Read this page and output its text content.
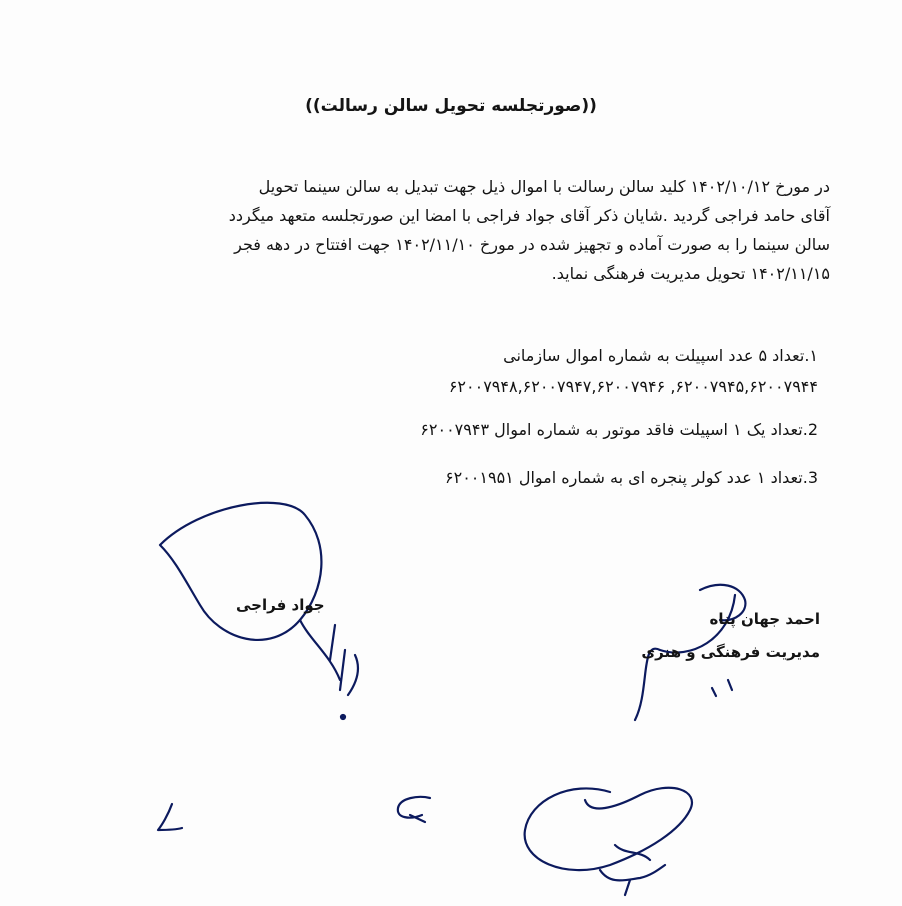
((صورتجلسه تحویل سالن رسالت))
در مورخ ۱۴۰۲/۱۰/۱۲ کلید سالن رسالت با اموال ذیل جهت تبدیل به سالن سینما تحویل
آقای حامد فراجی گردید .شایان ذکر آقای جواد فراجی با امضا این صورتجلسه متعهد میگردد
سالن سینما را به صورت آماده و تجهیز شده در مورخ ۱۴۰۲/۱۱/۱۰ جهت افتتاح در دهه فجر
۱۴۰۲/۱۱/۱۵ تحویل مدیریت فرهنگی نماید.
۱.تعداد ۵ عدد اسپیلت به شماره اموال سازمانی
۶۲۰۰۷۹۴۵,۶۲۰۰۷۹۴۴, ۶۲۰۰۷۹۴۸,۶۲۰۰۷۹۴۷,۶۲۰۰۷۹۴۶
2.تعداد یک ۱ اسپیلت فاقد موتور به شماره اموال ۶۲۰۰۷۹۴۳
3.تعداد ۱ عدد کولر پنجره ای به شماره اموال ۶۲۰۰۱۹۵۱
جواد فراجی
احمد جهان پناه
مدیریت فرهنگی و هنری
